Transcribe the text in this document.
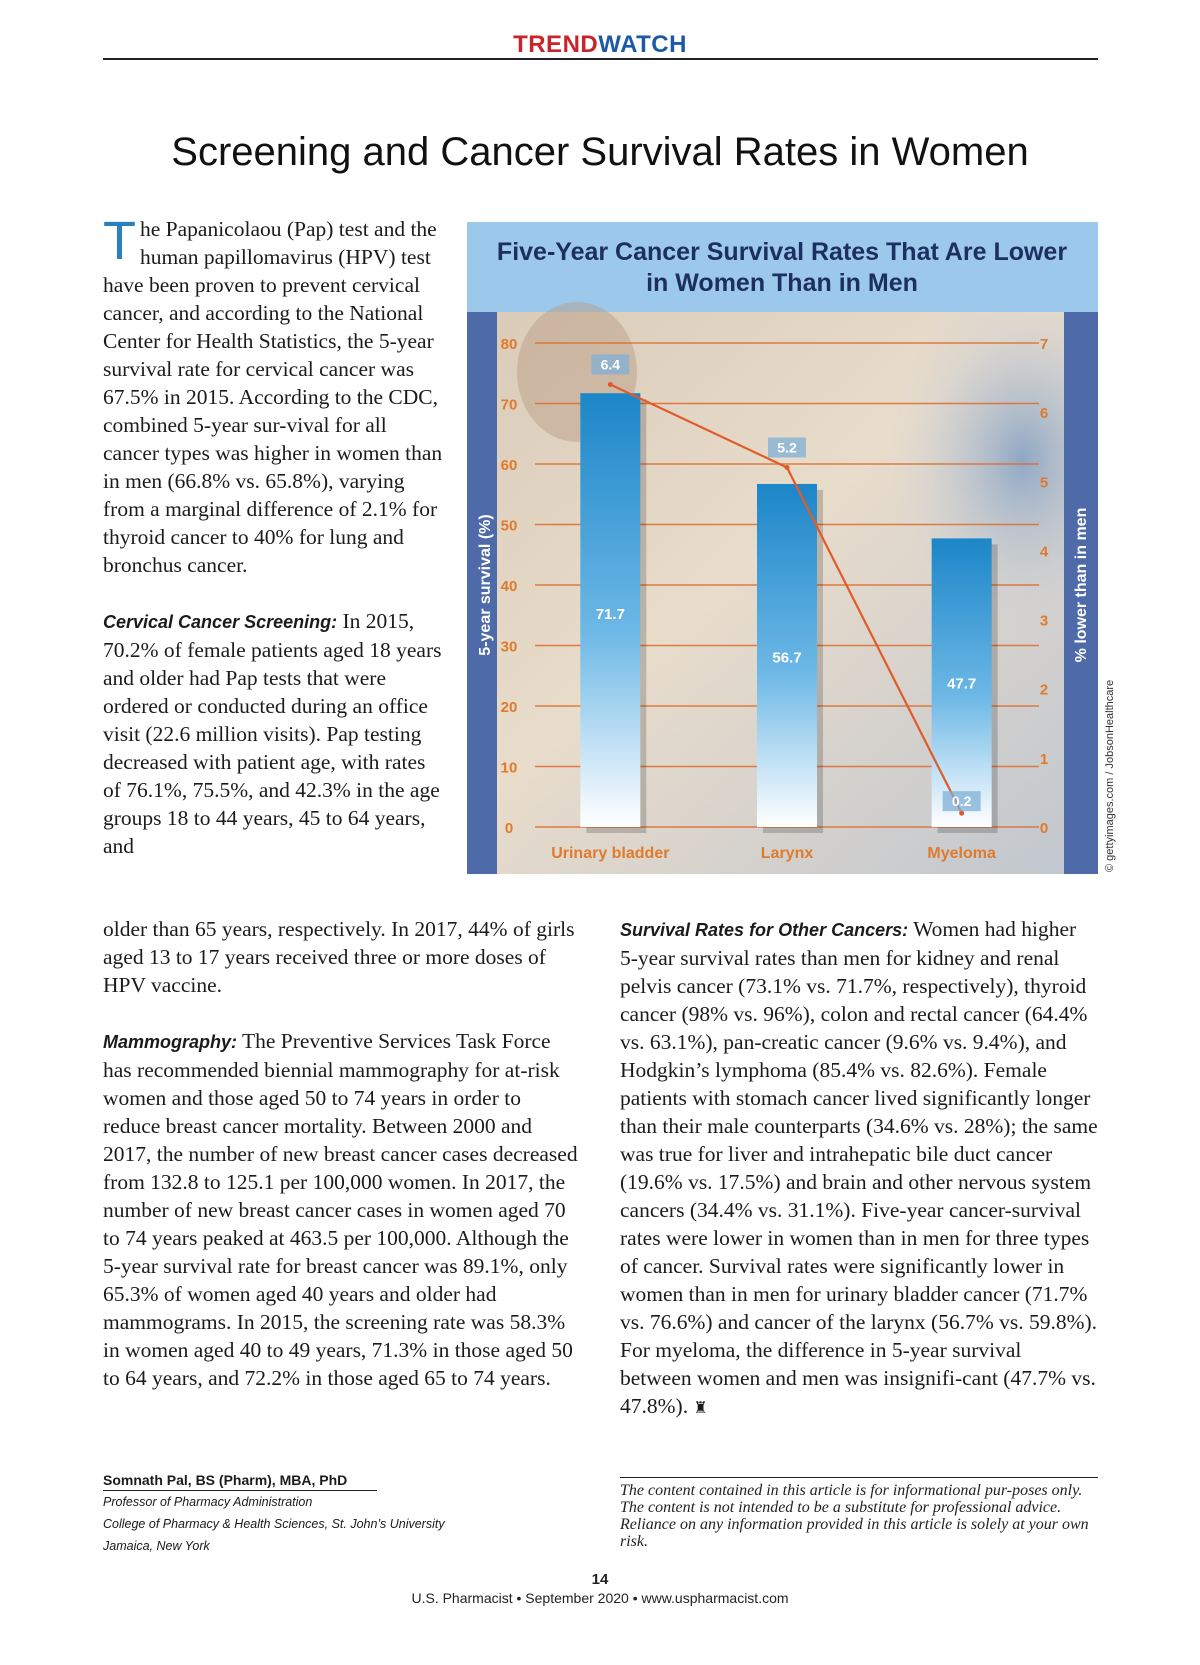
TRENDWATCH
Screening and Cancer Survival Rates in Women

The Papanicolaou (Pap) test and the human papillomavirus (HPV) test have been proven to prevent cervical cancer, and according to the National Center for Health Statistics, the 5-year survival rate for cervical cancer was 67.5% in 2015. According to the CDC, combined 5-year sur-vival for all cancer types was higher in women than in men (66.8% vs. 65.8%), varying from a marginal difference of 2.1% for thyroid cancer to 40% for lung and bronchus cancer.

Cervical Cancer Screening: In 2015, 70.2% of female patients aged 18 years and older had Pap tests that were ordered or conducted during an office visit (22.6 million visits). Pap testing decreased with patient age, with rates of 76.1%, 75.5%, and 42.3% in the age groups 18 to 44 years, 45 to 64 years, and

older than 65 years, respectively. In 2017, 44% of girls aged 13 to 17 years received three or more doses of HPV vaccine.

Mammography: The Preventive Services Task Force has recommended biennial mammography for at-risk women and those aged 50 to 74 years in order to reduce breast cancer mortality. Between 2000 and 2017, the number of new breast cancer cases decreased from 132.8 to 125.1 per 100,000 women. In 2017, the number of new breast cancer cases in women aged 70 to 74 years peaked at 463.5 per 100,000. Although the 5-year survival rate for breast cancer was 89.1%, only 65.3% of women aged 40 years and older had mammograms. In 2015, the screening rate was 58.3% in women aged 40 to 49 years, 71.3% in those aged 50 to 64 years, and 72.2% in those aged 65 to 74 years.

Survival Rates for Other Cancers: Women had higher 5-year survival rates than men for kidney and renal pelvis cancer (73.1% vs. 71.7%, respectively), thyroid cancer (98% vs. 96%), colon and rectal cancer (64.4% vs. 63.1%), pan-creatic cancer (9.6% vs. 9.4%), and Hodgkin’s lymphoma (85.4% vs. 82.6%). Female patients with stomach cancer lived significantly longer than their male counterparts (34.6% vs. 28%); the same was true for liver and intrahepatic bile duct cancer (19.6% vs. 17.5%) and brain and other nervous system cancers (34.4% vs. 31.1%). Five-year cancer-survival rates were lower in women than in men for three types of cancer. Survival rates were significantly lower in women than in men for urinary bladder cancer (71.7% vs. 76.6%) and cancer of the larynx (56.7% vs. 59.8%). For myeloma, the difference in 5-year survival between women and men was insignifi-cant (47.7% vs. 47.8%). ♜

Five-Year Cancer Survival Rates That Are Lower
in Women Than in Men
0
10
20
30
40
50
60
70
80
0
1
2
3
4
5
6
7
5-year survival (%)	% lower than in men
71.7
Urinary bladder
56.7
Larynx
47.7
Myeloma
6.4
5.2
0.2	© gettyimages.com / JobsonHealthcare
Somnath Pal, BS (Pharm), MBA, PhD
Professor of Pharmacy Administration
College of Pharmacy & Health Sciences, St. John’s University
Jamaica, New York
The content contained in this article is for informational pur-poses only. The content is not intended to be a substitute for professional advice. Reliance on any information provided in this article is solely at your own risk.
14
U.S. Pharmacist • September 2020 • www.uspharmacist.com
